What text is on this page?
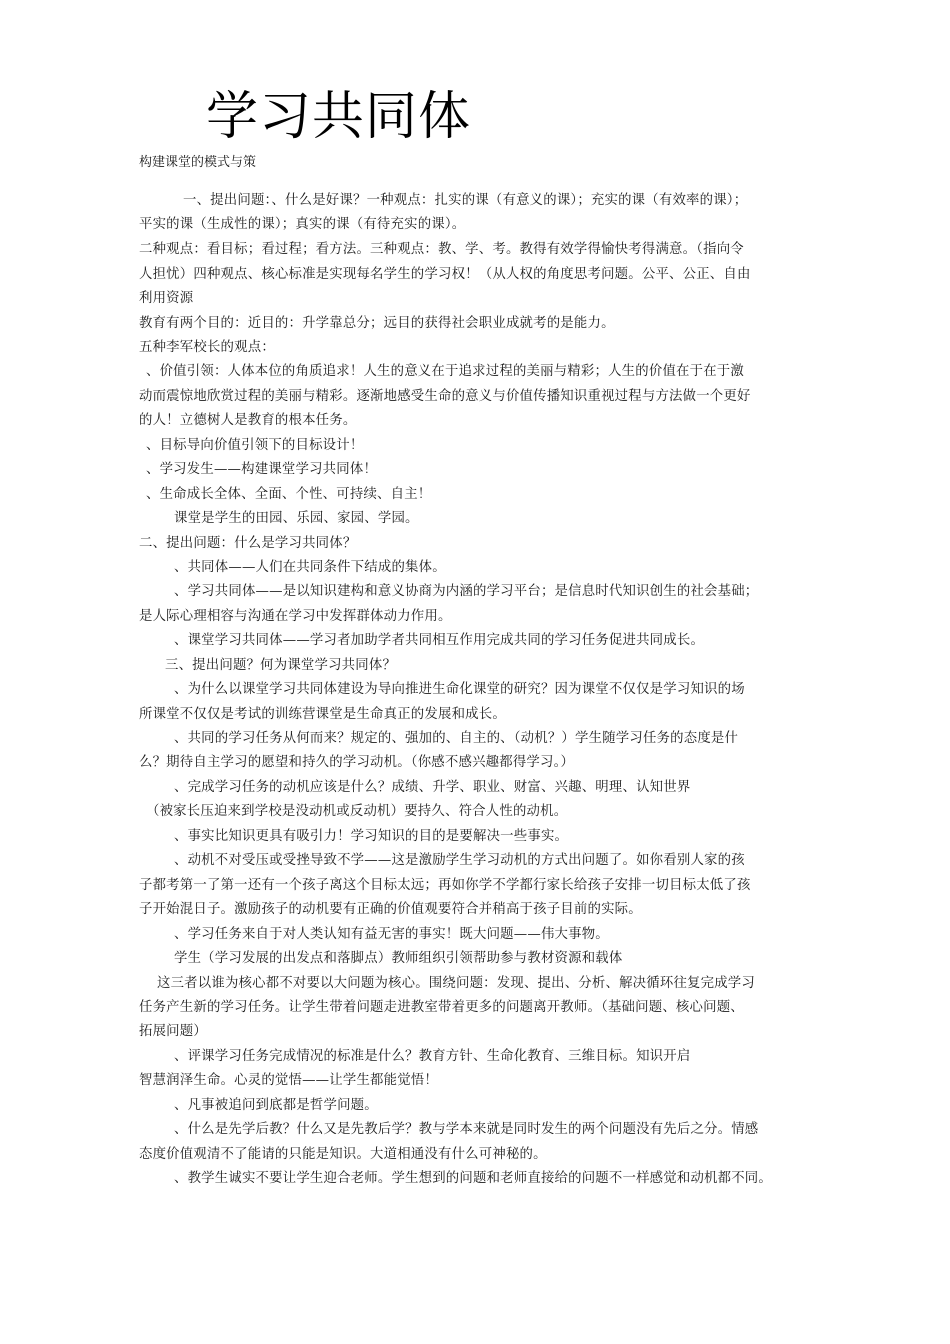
学习共同体
构建课堂的模式与策
一、提出问题：、什么是好课？一种观点：扎实的课（有意义的课）；充实的课（有效率的课）；
平实的课（生成性的课）；真实的课（有待充实的课）。
二种观点：看目标；看过程；看方法。三种观点：教、学、考。教得有效学得愉快考得满意。（指向令
人担忧）四种观点、核心标准是实现每名学生的学习权！（从人权的角度思考问题。公平、公正、自由
利用资源
教育有两个目的：近目的：升学靠总分；远目的获得社会职业成就考的是能力。
五种李军校长的观点：
、价值引领：人体本位的角质追求！人生的意义在于追求过程的美丽与精彩；人生的价值在于在于激
动而震惊地欣赏过程的美丽与精彩。逐渐地感受生命的意义与价值传播知识重视过程与方法做一个更好
的人！立德树人是教育的根本任务。
、目标导向价值引领下的目标设计！
、学习发生——构建课堂学习共同体！
、生命成长全体、全面、个性、可持续、自主！
课堂是学生的田园、乐园、家园、学园。
二、提出问题：什么是学习共同体？
、共同体——人们在共同条件下结成的集体。
、学习共同体——是以知识建构和意义协商为内涵的学习平台；是信息时代知识创生的社会基础；
是人际心理相容与沟通在学习中发挥群体动力作用。
、课堂学习共同体——学习者加助学者共同相互作用完成共同的学习任务促进共同成长。
三、提出问题？何为课堂学习共同体？
、为什么以课堂学习共同体建设为导向推进生命化课堂的研究？因为课堂不仅仅是学习知识的场
所课堂不仅仅是考试的训练营课堂是生命真正的发展和成长。
、共同的学习任务从何而来？规定的、强加的、自主的、（动机？）学生随学习任务的态度是什
么？期待自主学习的愿望和持久的学习动机。（你感不感兴趣都得学习。）
、完成学习任务的动机应该是什么？成绩、升学、职业、财富、兴趣、明理、认知世界
（被家长压迫来到学校是没动机或反动机）要持久、符合人性的动机。
、事实比知识更具有吸引力！学习知识的目的是要解决一些事实。
、动机不对受压或受挫导致不学——这是激励学生学习动机的方式出问题了。如你看别人家的孩
子都考第一了第一还有一个孩子离这个目标太远；再如你学不学都行家长给孩子安排一切目标太低了孩
子开始混日子。激励孩子的动机要有正确的价值观要符合并稍高于孩子目前的实际。
、学习任务来自于对人类认知有益无害的事实！既大问题——伟大事物。
学生（学习发展的出发点和落脚点）教师组织引领帮助参与教材资源和载体
这三者以谁为核心都不对要以大问题为核心。围绕问题：发现、提出、分析、解决循环往复完成学习
任务产生新的学习任务。让学生带着问题走进教室带着更多的问题离开教师。（基础问题、核心问题、
拓展问题）
、评课学习任务完成情况的标准是什么？教育方针、生命化教育、三维目标。知识开启
智慧润泽生命。心灵的觉悟——让学生都能觉悟！
、凡事被追问到底都是哲学问题。
、什么是先学后教？什么又是先教后学？教与学本来就是同时发生的两个问题没有先后之分。情感
态度价值观清不了能请的只能是知识。大道相通没有什么可神秘的。
、教学生诚实不要让学生迎合老师。学生想到的问题和老师直接给的问题不一样感觉和动机都不同。
